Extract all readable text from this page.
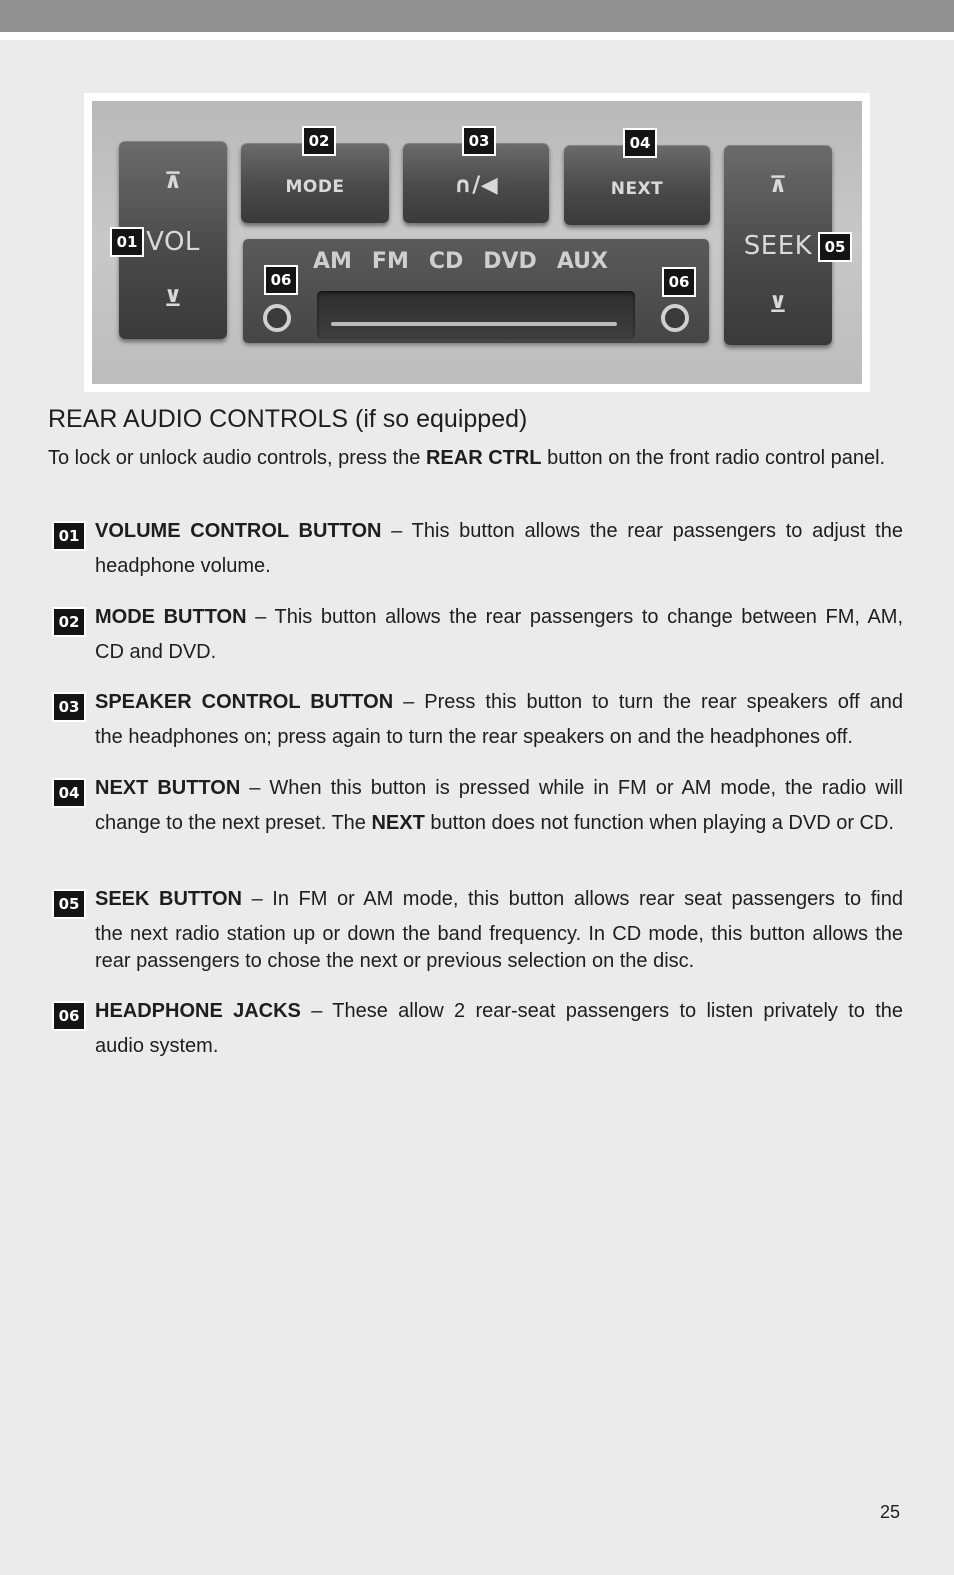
⊼
VOL
⊻
MODE	∩/◀	NEXT	⊼
SEEK
⊻
AM FM CD DVD AUX
01
02	03	04
05
06	06
REAR AUDIO CONTROLS (if so equipped)

To lock or unlock audio controls, press the REAR CTRL button on the front radio control panel.

01 VOLUME CONTROL BUTTON – This button allows the rear passengers to adjust the
headphone volume.

02 MODE BUTTON – This button allows the rear passengers to change between FM, AM,
CD and DVD.

03 SPEAKER CONTROL BUTTON – Press this button to turn the rear speakers off and
the headphones on; press again to turn the rear speakers on and the headphones off.

04 NEXT BUTTON – When this button is pressed while in FM or AM mode, the radio will
change to the next preset. The NEXT button does not function when playing a DVD or CD.

05 SEEK BUTTON – In FM or AM mode, this button allows rear seat passengers to find
the next radio station up or down the band frequency. In CD mode, this button allows the rear passengers to chose the next or previous selection on the disc.

06 HEADPHONE JACKS – These allow 2 rear-seat passengers to listen privately to the
audio system.

25
